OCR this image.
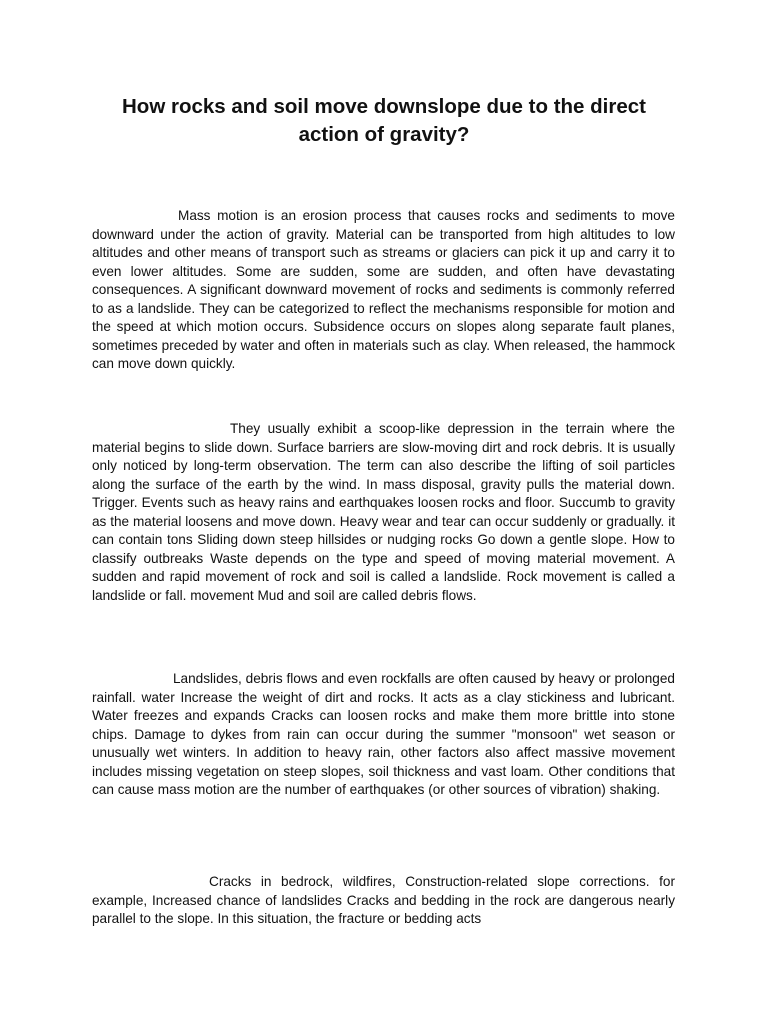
How rocks and soil move downslope due to the direct action of gravity?

Mass motion is an erosion process that causes rocks and sediments to move downward under the action of gravity. Material can be transported from high altitudes to low altitudes and other means of transport such as streams or glaciers can pick it up and carry it to even lower altitudes. Some are sudden, some are sudden, and often have devastating consequences. A significant downward movement of rocks and sediments is commonly referred to as a landslide. They can be categorized to reflect the mechanisms responsible for motion and the speed at which motion occurs. Subsidence occurs on slopes along separate fault planes, sometimes preceded by water and often in materials such as clay. When released, the hammock can move down quickly.

They usually exhibit a scoop-like depression in the terrain where the material begins to slide down. Surface barriers are slow-moving dirt and rock debris. It is usually only noticed by long-term observation. The term can also describe the lifting of soil particles along the surface of the earth by the wind. In mass disposal, gravity pulls the material down. Trigger. Events such as heavy rains and earthquakes loosen rocks and floor. Succumb to gravity as the material loosens and move down. Heavy wear and tear can occur suddenly or gradually. it can contain tons Sliding down steep hillsides or nudging rocks Go down a gentle slope. How to classify outbreaks Waste depends on the type and speed of moving material movement. A sudden and rapid movement of rock and soil is called a landslide. Rock movement is called a landslide or fall. movement Mud and soil are called debris flows.

Landslides, debris flows and even rockfalls are often caused by heavy or prolonged rainfall. water Increase the weight of dirt and rocks. It acts as a clay stickiness and lubricant. Water freezes and expands Cracks can loosen rocks and make them more brittle into stone chips. Damage to dykes from rain can occur during the summer "monsoon" wet season or unusually wet winters. In addition to heavy rain, other factors also affect massive movement includes missing vegetation on steep slopes, soil thickness and vast loam. Other conditions that can cause mass motion are the number of earthquakes (or other sources of vibration) shaking.

Cracks in bedrock, wildfires, Construction-related slope corrections. for example, Increased chance of landslides Cracks and bedding in the rock are dangerous nearly parallel to the slope. In this situation, the fracture or bedding acts
